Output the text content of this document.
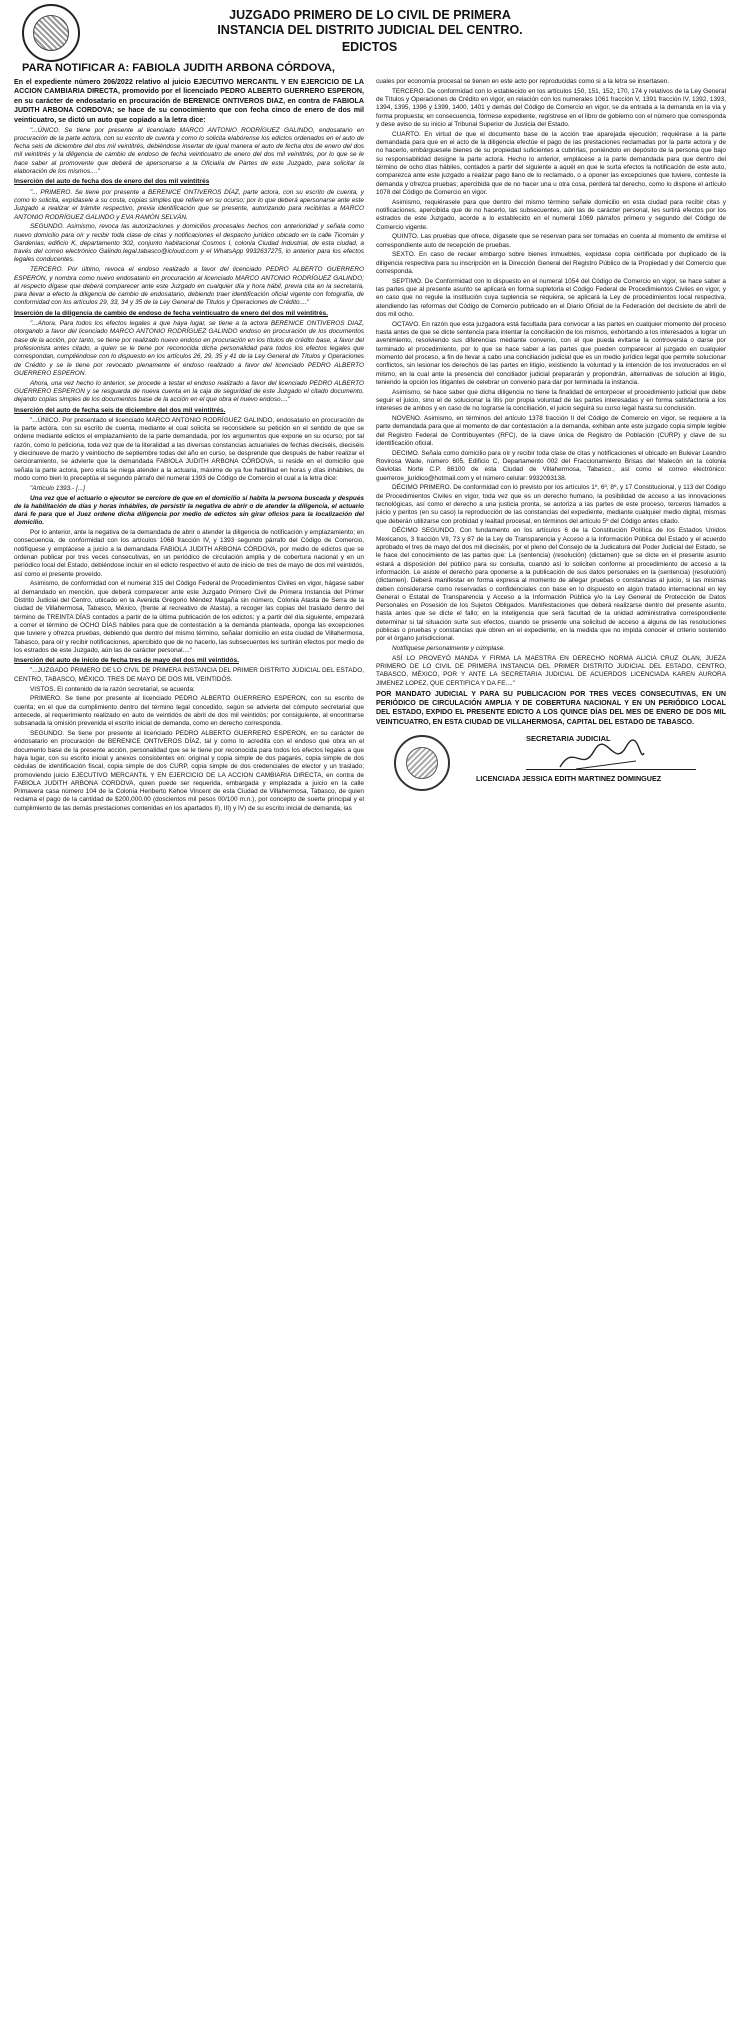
JUZGADO PRIMERO DE LO CIVIL DE PRIMERA
INSTANCIA DEL DISTRITO JUDICIAL DEL CENTRO.
EDICTOS
PARA NOTIFICAR A: FABIOLA JUDITH ARBONA CÓRDOVA,

En el expediente número 206/2022 relativo al juicio EJECUTIVO MERCANTIL Y EN EJERCICIO DE LA ACCION CAMBIARIA DIRECTA, promovido por el licenciado PEDRO ALBERTO GUERRERO ESPERON, en su carácter de endosatario en procuración de BERENICE ONTIVEROS DIAZ, en contra de FABIOLA JUDITH ARBONA CORDOVA; se hace de su conocimiento que con fecha cinco de enero de dos mil veinticuatro, se dictó un auto que copiado a la letra dice:

"...ÚNICO. Se tiene por presente al licenciado MARCO ANTONIO RODRÍGUEZ GALINDO, endosatario en procuración de la parte actora, con su escrito de cuenta y como lo solicita elabórense los edictos ordenados en el auto de fecha seis de diciembre del dos mil veintitrés, debiéndose insertar de igual manera el auto de fecha dos de enero del dos mil veintitrés y la diligencia de cambio de endoso de fecha veinticuatro de enero del dos mil veintitrés, por lo que se le hace saber al promovente que deberá de apersonarse a la Oficialía de Partes de este Juzgado, para solicitar la elaboración de los mismos...."

Inserción del auto de fecha dos de enero del dos mil veintitrés

"... PRIMERO. Se tiene por presente a BERENICE ONTIVEROS DÍAZ, parte actora, con su escrito de cuenta, y como lo solicita, expídasele a su costa, copias simples que refiere en su ocurso; por lo que deberá apersonarse ante este Juzgado a realizar el trámite respectivo, previa identificación que se presente, autorizando para recibirlas a MARCO ANTONIO RODRÍGUEZ GALINDO y EVA RAMÓN SELVÁN.

SEGUNDO. Asimismo, revoca las autorizaciones y domicilios procesales hechos con anterioridad y señala como nuevo domicilio para oír y recibir toda clase de citas y notificaciones el despacho jurídico ubicado en la calle Ticomán y Gardenias, edificio K, departamento 302, conjunto habitacional Cosmos I, colonia Ciudad Industrial, de esta ciudad, a través del correo electrónico Galindo.legal.tabasco@icloud.com y el WhatsApp 9932637275, lo anterior para los efectos legales conducentes.

TERCERO. Por último, revoca el endoso realizado a favor del licenciado PEDRO ALBERTO GUERRERO ESPERON, y nombra como nuevo endosatario en procuración al licenciado MARCO ANTONIO RODRÍGUEZ GALINDO; al respecto dígase que deberá comparecer ante este Juzgado en cualquier día y hora hábil, previa cita en la secretaría, para llevar a efecto la diligencia de cambio de endosatario, debiendo traer identificación oficial vigente con fotografía, de conformidad con los artículos 29, 33, 34 y 35 de la Ley General de Títulos y Operaciones de Crédito...."

Inserción de la diligencia de cambio de endoso de fecha veinticuatro de enero del dos mil veintitrés.

"...Ahora. Para todos los efectos legales a que haya lugar, se tiene a la actora BERENICE ONTIVEROS DIAZ, otorgando a favor del licenciado MARCO ANTONIO RODRÍGUEZ GALINDO endoso en procuración de los documentos base de la acción, por tanto, se tiene por realizado nuevo endoso en procuración en los títulos de crédito base, a favor del profesionista antes citado, a quien se le tiene por reconocida dicha personalidad para todos los efectos legales que correspondan, cumpliéndose con lo dispuesto en los artículos 26, 29, 35 y 41 de la Ley General de Títulos y Operaciones de Crédito y se le tiene por revocado plenamente el endoso realizado a favor del licenciado PEDRO ALBERTO GUERRERO ESPERON.

Ahora, una vez hecho lo anterior, se procede a testar el endoso realizado a favor del licenciado PEDRO ALBERTO GUERRERO ESPERON y se resguarda de nueva cuenta en la caja de seguridad de este Juzgado el citado documento, dejando copias simples de los documentos base de la acción en el que obra el nuevo endoso...."

Inserción del auto de fecha seis de diciembre del dos mil veintitrés.

"...ÚNICO. Por presentado el licenciado MARCO ANTONIO RODRÍGUEZ GALINDO, endosatario en procuración de la parte actora, con su escrito de cuenta, mediante el cual solicita se reconsidere su petición en el sentido de que se ordene mediante edictos el emplazamiento de la parte demandada, por los argumentos que expone en su ocurso; por tal razón, como lo peticiona, toda vez que de la literalidad a las diversas constancias actuariales de fechas dieciséis, dieciséis y diecinueve de marzo y veintiocho de septiembre todas del año en curso, se desprende que después de haber realizar el cercioramiento, se advierte que la demandada FABIOLA JUDITH ARBONA CÓRDOVA, si reside en el domicilio que señala la parte actora, pero esta se niega atender a la actuaria, máxime de ya fue habilitad en horas y días inhábiles, de modo como bien lo preceptúa el segundo párrafo del numeral 1393 de Código de Comercio el cual a la letra dice:

"Artículo 1393.- [...]

Una vez que el actuario o ejecutor se cerciore de que en el domicilio sí habita la persona buscada y después de la habilitación de días y horas inhábiles, de persistir la negativa de abrir o de atender la diligencia, el actuario dará fe para que el Juez ordene dicha diligencia por medio de edictos sin girar oficios para la localización del domicilio.

Por lo anterior, ante la negativa de la demandada de abrir o atender la diligencia de notificación y emplazamiento; en consecuencia, de conformidad con los artículos 1068 fracción IV, y 1393 segundo párrafo del Código de Comercio, notifíquese y emplácese a juicio a la demandada FABIOLA JUDITH ARBONA CÓRDOVA, por medio de edictos que se ordenan publicar por tres veces consecutivas, en un periódico de circulación amplia y de cobertura nacional y en un periódico local del Estado, debiéndose incluir en el edicto respectivo el auto de inicio de tres de mayo de dos mil veintidós, así como el presente proveído.

Asimismo, de conformidad con el numeral 315 del Código Federal de Procedimientos Civiles en vigor, hágase saber al demandado en mención, que deberá comparecer ante este Juzgado Primero Civil de Primera Instancia del Primer Distrito Judicial del Centro, ubicado en la Avenida Gregorio Méndez Magaña sin número, Colonia Atasta de Serra de la ciudad de Villahermosa, Tabasco, México, (frente al recreativo de Atasta), a recoger las copias del traslado dentro del término de TREINTA DÍAS contados a partir de la última publicación de los edictos; y a partir del día siguiente, empezará a correr el término de OCHO DÍAS hábiles para que de contestación a la demanda planteada, oponga las excepciones que tuviere y ofrezca pruebas, debiendo que dentro del mismo término, señalar domicilio en esta ciudad de Villahermosa, Tabasco, para oír y recibir notificaciones, apercibido que de no hacerlo, las subsecuentes les surtirán efectos por medio de los estrados de este Juzgado, aún las de carácter personal...."

Inserción del auto de inicio de fecha tres de mayo del dos mil veintidós.

"...JUZGADO PRIMERO DE LO CIVIL DE PRIMERA INSTANCIA DEL PRIMER DISTRITO JUDICIAL DEL ESTADO, CENTRO, TABASCO, MÉXICO. TRES DE MAYO DE DOS MIL VEINTIDÓS.

VISTOS. El contenido de la razón secretarial, se acuerda:

PRIMERO. Se tiene por presente al licenciado PEDRO ALBERTO GUERRERO ESPERON, con su escrito de cuenta; en el que da cumplimiento dentro del término legal concedido, según se advierte del cómputo secretarial que antecede, al requerimiento realizado en auto de veintidós de abril de dos mil veintidós; por consiguiente, al encontrarse subsanada la omisión prevenida el escrito inicial de demanda, como en derecho corresponda.

SEGUNDO. Se tiene por presente al licenciado PEDRO ALBERTO GUERRERO ESPERON, en su carácter de endosatario en procuración de BERENICE ONTIVEROS DÍAZ, tal y como lo acredita con el endoso que obra en el documento base de la presente acción, personalidad que se le tiene por reconocida para todos los efectos legales a que haya lugar, con su escrito inicial y anexos consistentes en: original y copia simple de dos pagarés, copia simple de dos cédulas de identificación fiscal, copia simple de dos CURP, copia simple de dos credenciales de elector y un traslado; promoviendo juicio EJECUTIVO MERCANTIL Y EN EJERCICIO DE LA ACCION CAMBIARIA DIRECTA, en contra de FABIOLA JUDITH ARBONA CORDOVA, quien puede ser requerida, embargada y emplazada a juicio en la calle Primavera casa número 104 de la Colonia Heriberto Kehoe Vincent de esta Ciudad de Villahermosa, Tabasco, de quien reclama el pago de la cantidad de $200,000.00 (doscientos mil pesos 00/100 m.n.), por concepto de suerte principal y el cumplimiento de las demás prestaciones contenidas en los apartados II), III) y IV) de su escrito inicial de demanda, las

cuales por economía procesal se tienen en este acto por reproducidas como si a la letra se insertasen.

TERCERO. De conformidad con lo establecido en los artículos 150, 151, 152, 170, 174 y relativos de la Ley General de Títulos y Operaciones de Crédito en vigor, en relación con los numerales 1061 fracción V, 1391 fracción IV, 1392, 1393, 1394, 1395, 1396 y 1399, 1400, 1401 y demás del Código de Comercio en vigor, se da entrada a la demanda en la vía y forma propuesta; en consecuencia, fórmese expediente, regístrese en el libro de gobierno con el número que corresponda y dese aviso de su inicio al Tribunal Superior de Justicia del Estado.

CUARTO. En virtud de que el documento base de la acción trae aparejada ejecución; requiérase a la parte demandada para que en el acto de la diligencia efectúe el pago de las prestaciones reclamadas por la parte actora y de no hacerlo, embárguesele bienes de su propiedad suficientes a cubrirlas, poniéndolo en depósito de la persona que bajo su responsabilidad designe la parte actora. Hecho lo anterior, emplácese a la parte demandada para que dentro del término de ocho días hábiles, contados a partir del siguiente a aquél en que le surta efectos la notificación de este auto, comparezca ante este juzgado a realizar pago llano de lo reclamado, o a oponer las excepciones que tuviere, conteste la demanda y ofrezca pruebas; apercibida que de no hacer una u otra cosa, perderá tal derecho, como lo dispone el artículo 1078 del Código de Comercio en vigor.

Asimismo, requiérasele para que dentro del mismo término señale domicilio en esta ciudad para recibir citas y notificaciones, apercibida que de no hacerlo, las subsecuentes, aún las de carácter personal, les surtirá efectos por los estrados de este Juzgado, acorde a lo establecido en el numeral 1069 párrafos primero y segundo del Código de Comercio vigente.

QUINTO. Las pruebas que ofrece, dígasele que se reservan para ser tomadas en cuenta al momento de emitirse el correspondiente auto de recepción de pruebas.

SEXTO. En caso de recaer embargo sobre bienes inmuebles, expídase copia certificada por duplicado de la diligencia respectiva para su inscripción en la Dirección General del Registro Público de la Propiedad y del Comercio que corresponda.

SEPTIMO. De Conformidad con lo dispuesto en el numeral 1054 del Código de Comercio en vigor, se hace saber a las partes que al presente asunto se aplicará en forma supletoria el Código Federal de Procedimientos Civiles en vigor, y en caso que no regule la institución cuya suplencia se requiera, se aplicará la Ley de procedimientos local respectiva, atendiendo las reformas del Código de Comercio publicado en el Diario Oficial de la Federación del decisiete de abril de dos mil ocho.

OCTAVO. En razón que esta juzgadora está facultada para convocar a las partes en cualquier momento del proceso hasta antes de que se dicte sentencia para intentar la conciliación de los mismos, exhortando a los interesados a lograr un avenimiento, resolviendo sus diferencias mediante convenio, con el que pueda evitarse la controversia o darse por terminado el procedimiento, por lo que se hace saber a las partes que pueden comparecer al juzgado en cualquier momento del proceso, a fin de llevar a cabo una conciliación judicial que es un medio jurídico legal que permite solucionar conflictos, sin lesionar los derechos de las partes en litigio, existiendo la voluntad y la intención de los involucrados en el mismo, en la cual ante la presencia del conciliador judicial prepararán y propondrán, alternativas de solución al litigio, teniendo la opción los litigantes de celebrar un convenio para dar por terminada la instancia.

Asimismo, se hace saber que dicha diligencia no tiene la finalidad de entorpecer el procedimiento judicial que debe seguir el juicio, sino el de solucionar la litis por propia voluntad de las partes interesadas y en forma satisfactoria a los intereses de ambos y en caso de no lograrse la conciliación, el juicio seguirá su curso legal hasta su conclusión.

NOVENO. Asimismo, en términos del artículo 1378 fracción II del Código de Comercio en vigor, se requiere a la parte demandada para que al momento de dar contestación a la demanda, exhiban ante este juzgado copia simple legible del Registro Federal de Contribuyentes (RFC), de la clave única de Registro de Población (CURP) y clave de su identificación oficial.

DECIMO. Señala como domicilio para oír y recibir toda clase de citas y notificaciones el ubicado en Bulevar Leandro Rovirosa Wade, número 605, Edificio C, Departamento 002 del Fraccionamiento Brisas del Malecón en la colonia Gaviotas Norte C.P. 86100 de esta Ciudad de Villahermosa, Tabasco., así como el correo electrónico: guerreroe_juridico@hotmail.com y el número celular: 9932093138.

DÉCIMO PRIMERO. De conformidad con lo previsto por los artículos 1º, 6º, 8º, y 17 Constitucional, y 113 del Código de Procedimientos Civiles en vigor, toda vez que es un derecho humano, la posibilidad de acceso a las innovaciones tecnológicas, así como el derecho a una justicia pronta, se autoriza a las partes de este proceso, terceros llamados a juicio y peritos (en su caso) la reproducción de las constancias del expediente, mediante cualquier medio digital, mismas que deberán utilizarse con probidad y lealtad procesal, en términos del artículo 5º del Código antes citado.

DÉCIMO SEGUNDO. Con fundamento en los artículos 6 de la Constitución Política de los Estados Unidos Mexicanos, 3 fracción VII, 73 y 87 de la Ley de Transparencia y Acceso a la Información Pública del Estado y el acuerdo aprobado el tres de mayo del dos mil dieciséis, por el pleno del Consejo de la Judicatura del Poder Judicial del Estado, se le hace del conocimiento de las partes que: La (sentencia) (resolución) (dictamen) que se dicte en el presente asunto estará a disposición del público para su consulta, cuando así lo soliciten conforme al procedimiento de acceso a la información. Le asiste el derecho para oponerse a la publicación de sus datos personales en la (sentencia) (resolución) (dictamen). Deberá manifestar en forma expresa al momento de allegar pruebas o constancias al juicio, si las mismas deben considerarse como reservadas o confidenciales con base en lo dispuesto en algún tratado internacional en ley General o Estatal de Transparencia y Acceso a la Información Pública y/o la Ley General de Protección de Datos Personales en Posesión de los Sujetos Obligados. Manifestaciones que deberá realizarse dentro del presente asunto, hasta antes que se dicte el fallo; en la inteligencia que será facultad de la unidad administrativa correspondiente determinar si tal situación surte sus efectos, cuando se presente una solicitud de acceso a alguna de las resoluciones públicas o pruebas y constancias que obren en el expediente, en la medida que no impida conocer el criterio sostenido por el órgano jurisdiccional.

Notifíquese personalmente y cúmplase.

ASÍ LO PROVEYÓ MANDA Y FIRMA LA MAESTRA EN DERECHO NORMA ALICIA CRUZ OLAN, JUEZA PRIMERO DE LO CIVIL DE PRIMERA INSTANCIA DEL PRIMER DISTRITO JUDICIAL DEL ESTADO, CENTRO, TABASCO, MÉXICO, POR Y ANTE LA SECRETARIA JUDICIAL DE ACUERDOS LICENCIADA KAREN AURORA JIMENEZ LOPEZ, QUE CERTIFICA Y DA FE...."

POR MANDATO JUDICIAL Y PARA SU PUBLICACION POR TRES VECES CONSECUTIVAS, EN UN PERIÓDICO DE CIRCULACIÓN AMPLIA Y DE COBERTURA NACIONAL Y EN UN PERIÓDICO LOCAL DEL ESTADO, EXPIDO EL PRESENTE EDICTO A LOS QUINCE DÍAS DEL MES DE ENERO DE DOS MIL VEINTICUATRO, EN ESTA CIUDAD DE VILLAHERMOSA, CAPITAL DEL ESTADO DE TABASCO.

SECRETARIA JUDICIAL
LICENCIADA JESSICA EDITH MARTINEZ DOMINGUEZ
